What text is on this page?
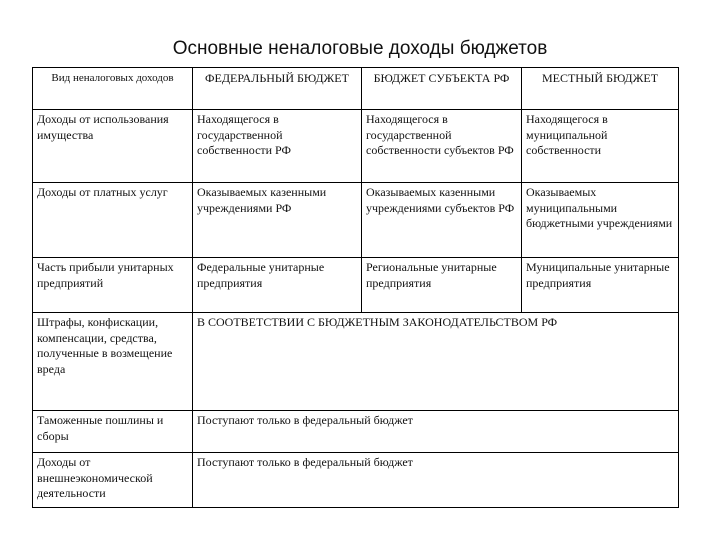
Основные неналоговые доходы бюджетов
Вид неналоговых доходов	ФЕДЕРАЛЬНЫЙ БЮДЖЕТ	БЮДЖЕТ СУБЪЕКТА РФ	МЕСТНЫЙ БЮДЖЕТ
Доходы от использования имущества	Находящегося в государственной собственности РФ	Находящегося в государственной собственности субъектов РФ	Находящегося в муниципальной собственности
Доходы от платных услуг	Оказываемых казенными учреждениями РФ	Оказываемых казенными учреждениями субъектов РФ	Оказываемых муниципальными бюджетными учреждениями
Часть прибыли унитарных предприятий	Федеральные унитарные предприятия	Региональные унитарные предприятия	Муниципальные унитарные предприятия
Штрафы, конфискации, компенсации, средства, полученные в возмещение вреда	В СООТВЕТСТВИИ С БЮДЖЕТНЫМ ЗАКОНОДАТЕЛЬСТВОМ РФ		
Таможенные пошлины и сборы	Поступают только в федеральный бюджет		
Доходы от внешнеэкономической деятельности	Поступают только в федеральный бюджет		
